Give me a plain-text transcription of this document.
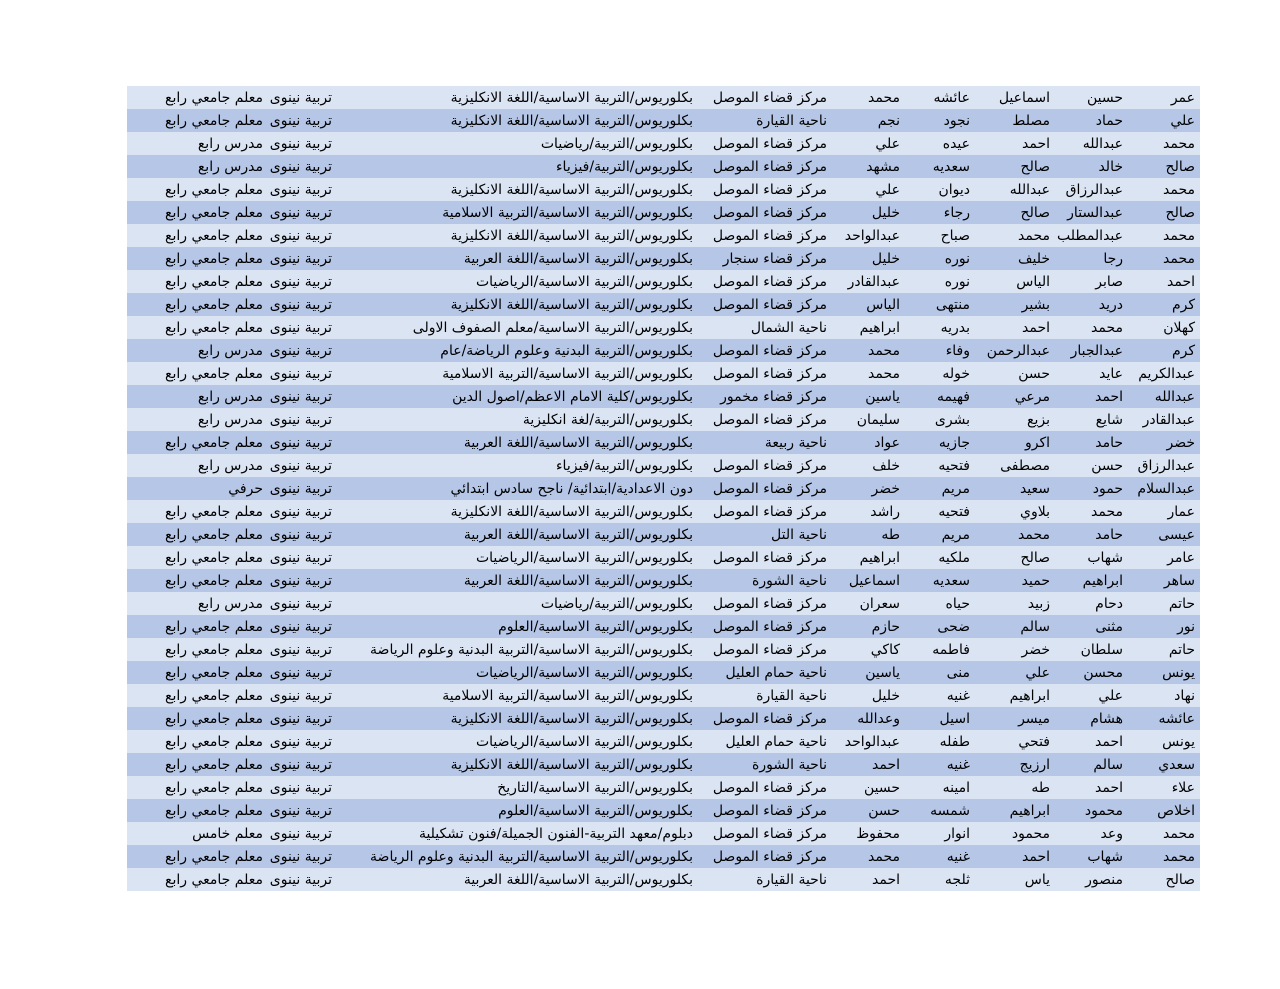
عمر
حسين
اسماعيل
عائشه
محمد
مركز قضاء الموصل
بكلوريوس/التربية الاساسية/اللغة الانكليزية
تربية نينوى
معلم جامعي رابع
علي
حماد
مصلط
نجود
نجم
ناحية القيارة
بكلوريوس/التربية الاساسية/اللغة الانكليزية
تربية نينوى
معلم جامعي رابع
محمد
عبدالله
احمد
عيده
علي
مركز قضاء الموصل
بكلوريوس/التربية/رياضيات
تربية نينوى
مدرس رابع
صالح
خالد
صالح
سعديه
مشهد
مركز قضاء الموصل
بكلوريوس/التربية/فيزياء
تربية نينوى
مدرس رابع
محمد
عبدالرزاق
عبدالله
ديوان
علي
مركز قضاء الموصل
بكلوريوس/التربية الاساسية/اللغة الانكليزية
تربية نينوى
معلم جامعي رابع
صالح
عبدالستار
صالح
رجاء
خليل
مركز قضاء الموصل
بكلوريوس/التربية الاساسية/التربية الاسلامية
تربية نينوى
معلم جامعي رابع
محمد
عبدالمطلب
محمد
صباح
عبدالواحد
مركز قضاء الموصل
بكلوريوس/التربية الاساسية/اللغة الانكليزية
تربية نينوى
معلم جامعي رابع
محمد
رجا
خليف
نوره
خليل
مركز قضاء سنجار
بكلوريوس/التربية الاساسية/اللغة العربية
تربية نينوى
معلم جامعي رابع
احمد
صابر
الياس
نوره
عبدالقادر
مركز قضاء الموصل
بكلوريوس/التربية الاساسية/الرياضيات
تربية نينوى
معلم جامعي رابع
كرم
دريد
بشير
منتهى
الياس
مركز قضاء الموصل
بكلوريوس/التربية الاساسية/اللغة الانكليزية
تربية نينوى
معلم جامعي رابع
كهلان
محمد
احمد
بدريه
ابراهيم
ناحية الشمال
بكلوريوس/التربية الاساسية/معلم الصفوف الاولى
تربية نينوى
معلم جامعي رابع
كرم
عبدالجبار
عبدالرحمن
وفاء
محمد
مركز قضاء الموصل
بكلوريوس/التربية البدنية وعلوم الرياضة/عام
تربية نينوى
مدرس رابع
عبدالكريم
عايد
حسن
خوله
محمد
مركز قضاء الموصل
بكلوريوس/التربية الاساسية/التربية الاسلامية
تربية نينوى
معلم جامعي رابع
عبدالله
احمد
مرعي
فهيمه
ياسين
مركز قضاء مخمور
بكلوريوس/كلية الامام الاعظم/اصول الدين
تربية نينوى
مدرس رابع
عبدالقادر
شايع
بزيع
بشرى
سليمان
مركز قضاء الموصل
بكلوريوس/التربية/لغة انكليزية
تربية نينوى
مدرس رابع
خضر
حامد
اكرو
جازيه
عواد
ناحية ربيعة
بكلوريوس/التربية الاساسية/اللغة العربية
تربية نينوى
معلم جامعي رابع
عبدالرزاق
حسن
مصطفى
فتحيه
خلف
مركز قضاء الموصل
بكلوريوس/التربية/فيزياء
تربية نينوى
مدرس رابع
عبدالسلام
حمود
سعيد
مريم
خضر
مركز قضاء الموصل
دون الاعدادية/ابتدائية/ ناجح سادس ابتدائي
تربية نينوى
حرفي
عمار
محمد
بلاوي
فتحيه
راشد
مركز قضاء الموصل
بكلوريوس/التربية الاساسية/اللغة الانكليزية
تربية نينوى
معلم جامعي رابع
عيسى
حامد
محمد
مريم
طه
ناحية التل
بكلوريوس/التربية الاساسية/اللغة العربية
تربية نينوى
معلم جامعي رابع
عامر
شهاب
صالح
ملكيه
ابراهيم
مركز قضاء الموصل
بكلوريوس/التربية الاساسية/الرياضيات
تربية نينوى
معلم جامعي رابع
ساهر
ابراهيم
حميد
سعديه
اسماعيل
ناحية الشورة
بكلوريوس/التربية الاساسية/اللغة العربية
تربية نينوى
معلم جامعي رابع
حاتم
دحام
زبيد
حياه
سعران
مركز قضاء الموصل
بكلوريوس/التربية/رياضيات
تربية نينوى
مدرس رابع
نور
مثنى
سالم
ضحى
حازم
مركز قضاء الموصل
بكلوريوس/التربية الاساسية/العلوم
تربية نينوى
معلم جامعي رابع
حاتم
سلطان
خضر
فاطمه
كاكي
مركز قضاء الموصل
بكلوريوس/التربية الاساسية/التربية البدنية وعلوم الرياضة
تربية نينوى
معلم جامعي رابع
يونس
محسن
علي
منى
ياسين
ناحية حمام العليل
بكلوريوس/التربية الاساسية/الرياضيات
تربية نينوى
معلم جامعي رابع
نهاد
علي
ابراهيم
غنيه
خليل
ناحية القيارة
بكلوريوس/التربية الاساسية/التربية الاسلامية
تربية نينوى
معلم جامعي رابع
عائشه
هشام
ميسر
اسيل
وعدالله
مركز قضاء الموصل
بكلوريوس/التربية الاساسية/اللغة الانكليزية
تربية نينوى
معلم جامعي رابع
يونس
احمد
فتحي
طفله
عبدالواحد
ناحية حمام العليل
بكلوريوس/التربية الاساسية/الرياضيات
تربية نينوى
معلم جامعي رابع
سعدي
سالم
ارزيج
غنيه
احمد
ناحية الشورة
بكلوريوس/التربية الاساسية/اللغة الانكليزية
تربية نينوى
معلم جامعي رابع
علاء
احمد
طه
امينه
حسين
مركز قضاء الموصل
بكلوريوس/التربية الاساسية/التاريخ
تربية نينوى
معلم جامعي رابع
اخلاص
محمود
ابراهيم
شمسه
حسن
مركز قضاء الموصل
بكلوريوس/التربية الاساسية/العلوم
تربية نينوى
معلم جامعي رابع
محمد
وعد
محمود
انوار
محفوظ
مركز قضاء الموصل
دبلوم/معهد التربية-الفنون الجميلة/فنون تشكيلية
تربية نينوى
معلم خامس
محمد
شهاب
احمد
غنيه
محمد
مركز قضاء الموصل
بكلوريوس/التربية الاساسية/التربية البدنية وعلوم الرياضة
تربية نينوى
معلم جامعي رابع
صالح
منصور
ياس
ثلجه
احمد
ناحية القيارة
بكلوريوس/التربية الاساسية/اللغة العربية
تربية نينوى
معلم جامعي رابع
